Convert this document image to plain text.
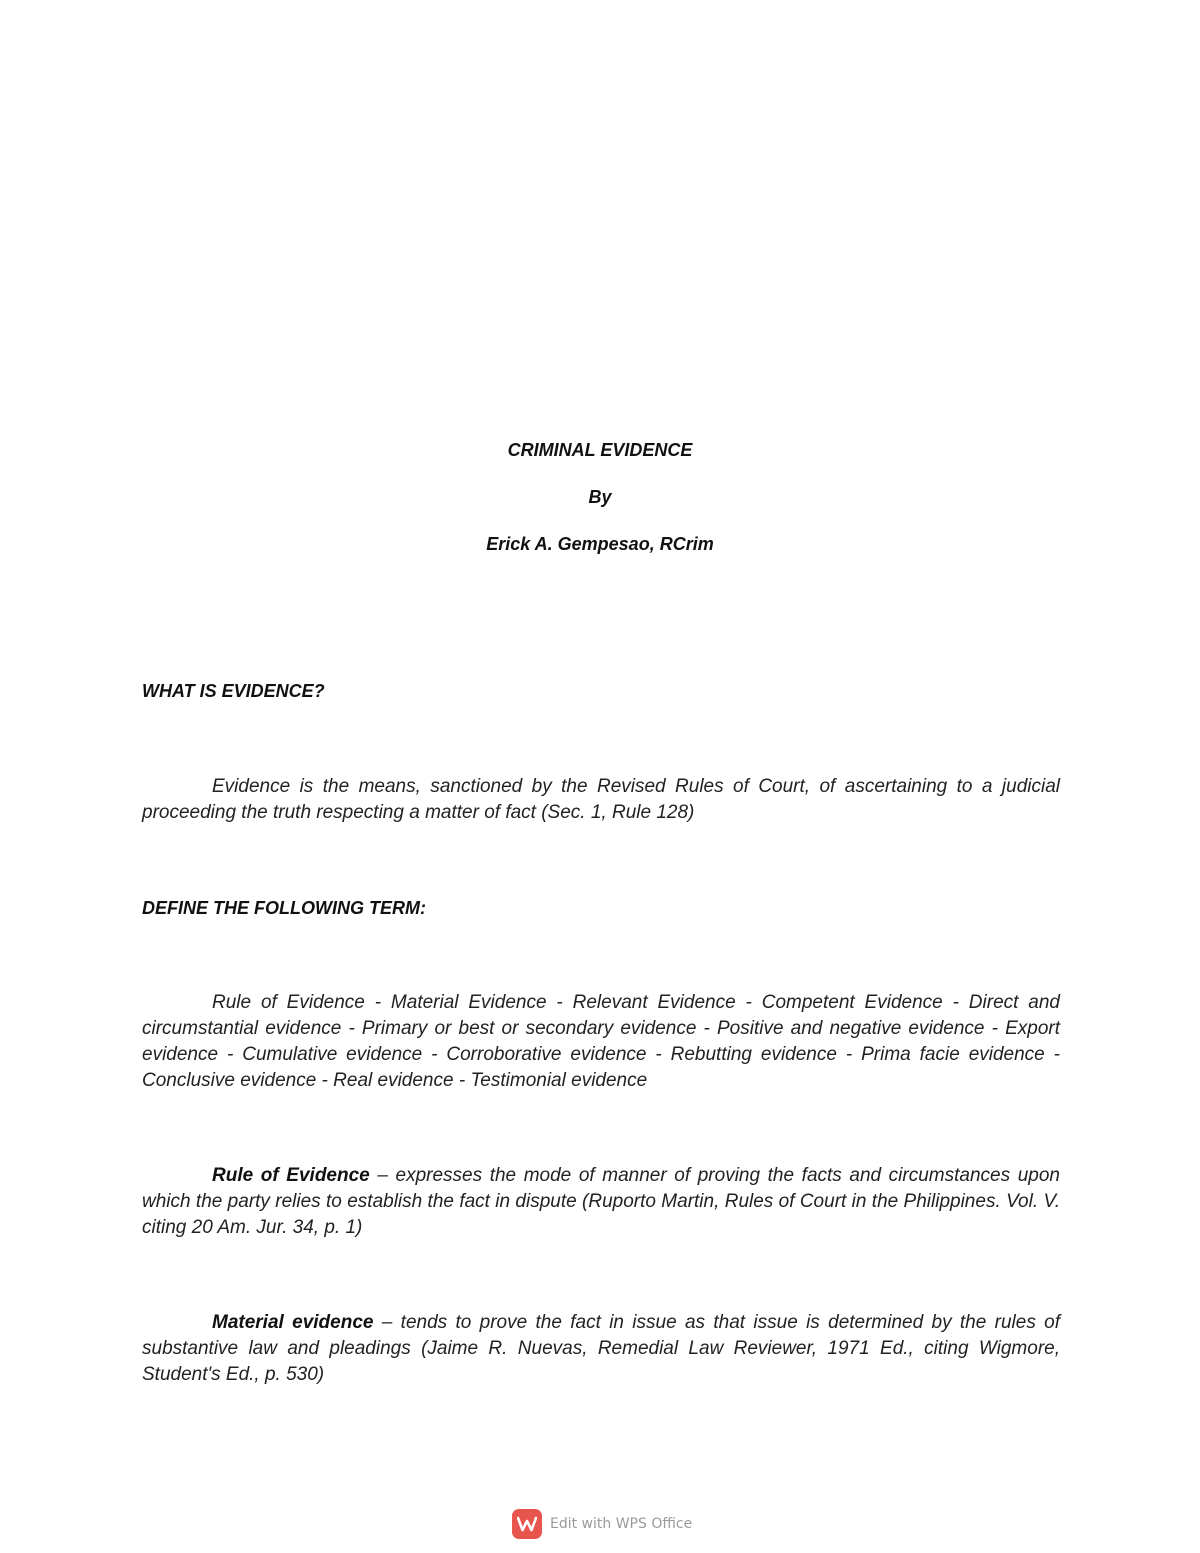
CRIMINAL EVIDENCE
By
Erick A. Gempesao, RCrim
WHAT IS EVIDENCE?
Evidence is the means, sanctioned by the Revised Rules of Court, of ascertaining to a judicial proceeding the truth respecting a matter of fact (Sec. 1, Rule 128)
DEFINE THE FOLLOWING TERM:
Rule of Evidence - Material Evidence - Relevant Evidence - Competent Evidence - Direct and circumstantial evidence - Primary or best or secondary evidence - Positive and negative evidence - Export evidence - Cumulative evidence - Corroborative evidence - Rebutting evidence - Prima facie evidence - Conclusive evidence - Real evidence - Testimonial evidence
Rule of Evidence – expresses the mode of manner of proving the facts and circumstances upon which the party relies to establish the fact in dispute (Ruporto Martin, Rules of Court in the Philippines. Vol. V. citing 20 Am. Jur. 34, p. 1)
Material evidence – tends to prove the fact in issue as that issue is determined by the rules of substantive law and pleadings (Jaime R. Nuevas, Remedial Law Reviewer, 1971 Ed., citing Wigmore, Student's Ed., p. 530)
Edit with WPS Office
